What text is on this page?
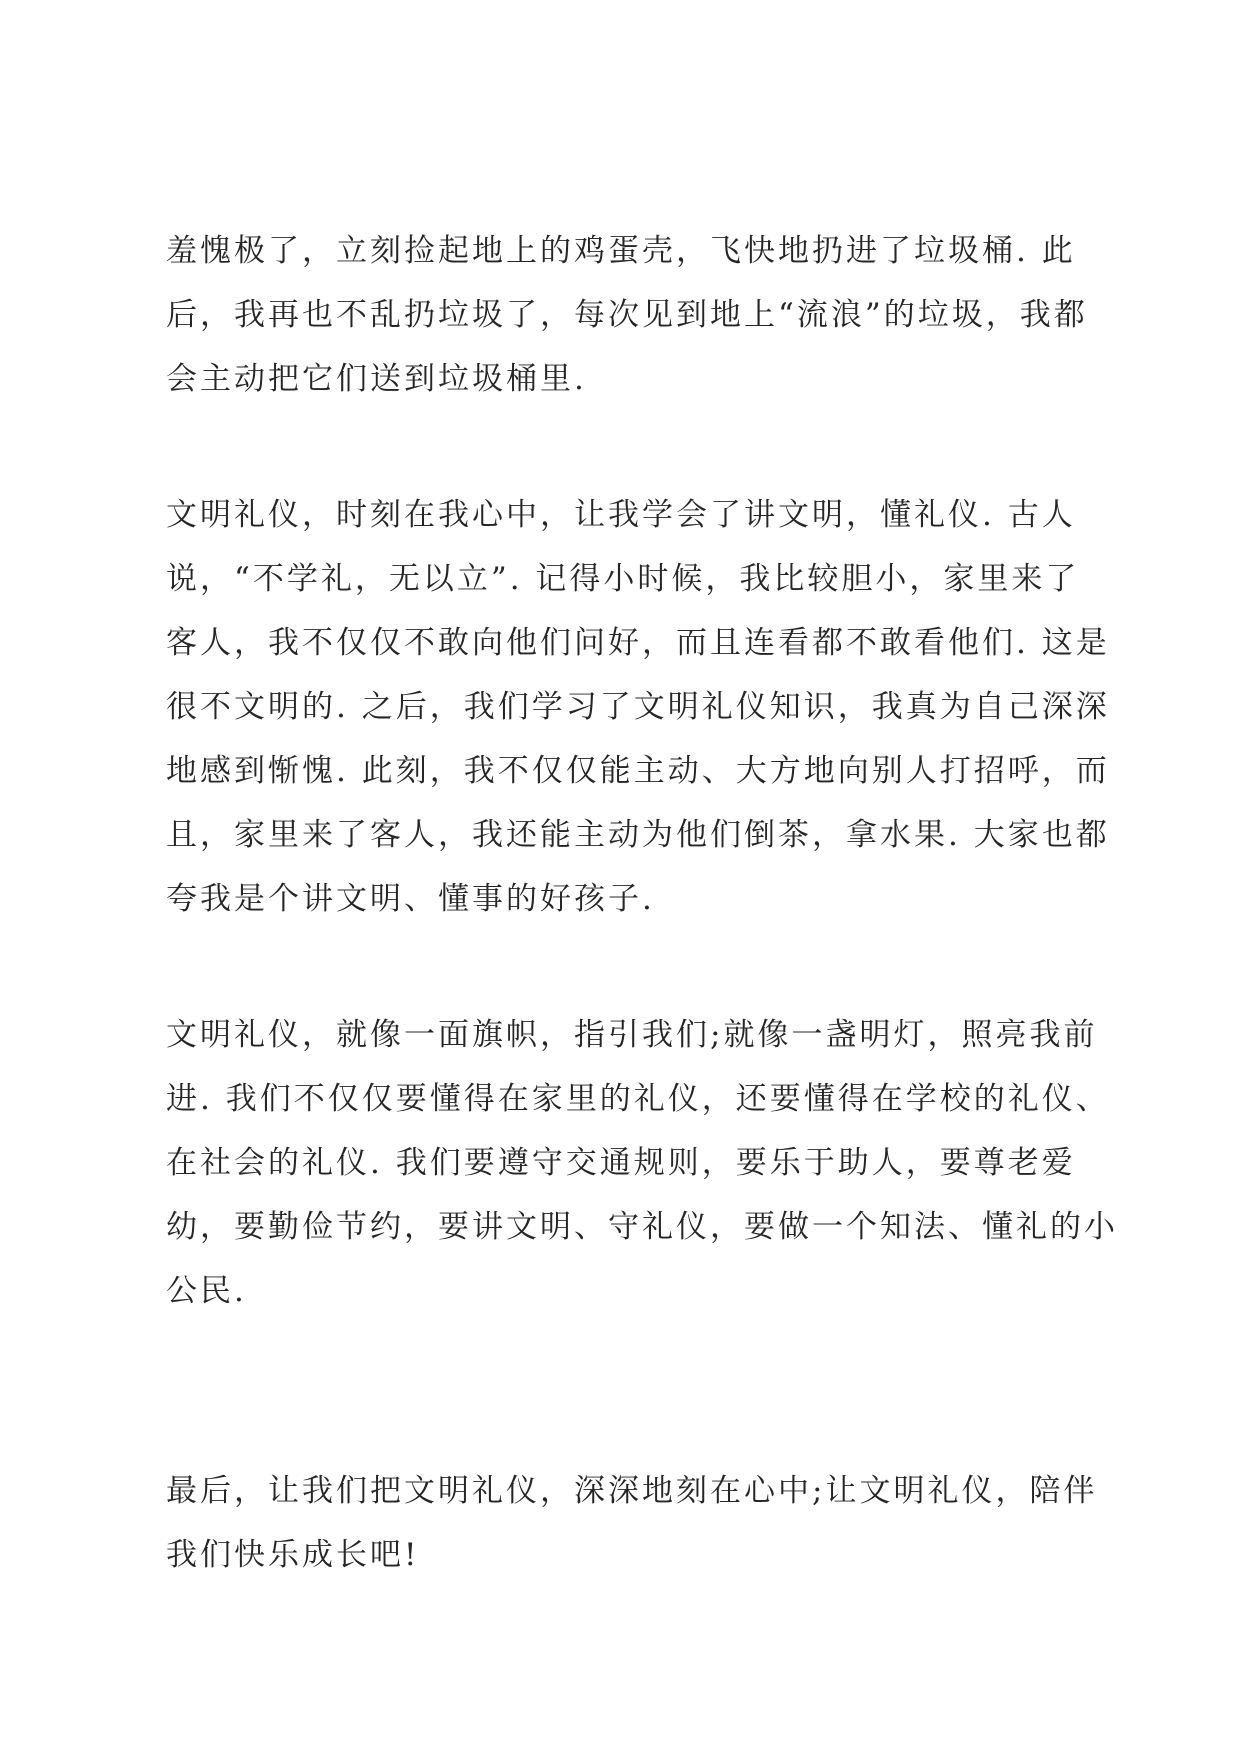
羞愧极了，立刻捡起地上的鸡蛋壳，飞快地扔进了垃圾桶. 此
后，我再也不乱扔垃圾了，每次见到地上“流浪”的垃圾，我都
会主动把它们送到垃圾桶里.
文明礼仪，时刻在我心中，让我学会了讲文明，懂礼仪. 古人
说，“不学礼，无以立”. 记得小时候，我比较胆小，家里来了
客人，我不仅仅不敢向他们问好，而且连看都不敢看他们. 这是
很不文明的. 之后，我们学习了文明礼仪知识，我真为自己深深
地感到惭愧. 此刻，我不仅仅能主动、大方地向别人打招呼，而
且，家里来了客人，我还能主动为他们倒茶，拿水果. 大家也都
夸我是个讲文明、懂事的好孩子.
文明礼仪，就像一面旗帜，指引我们;就像一盏明灯，照亮我前
进. 我们不仅仅要懂得在家里的礼仪，还要懂得在学校的礼仪、
在社会的礼仪. 我们要遵守交通规则，要乐于助人，要尊老爱
幼，要勤俭节约，要讲文明、守礼仪，要做一个知法、懂礼的小
公民.
最后，让我们把文明礼仪，深深地刻在心中;让文明礼仪，陪伴
我们快乐成长吧!
